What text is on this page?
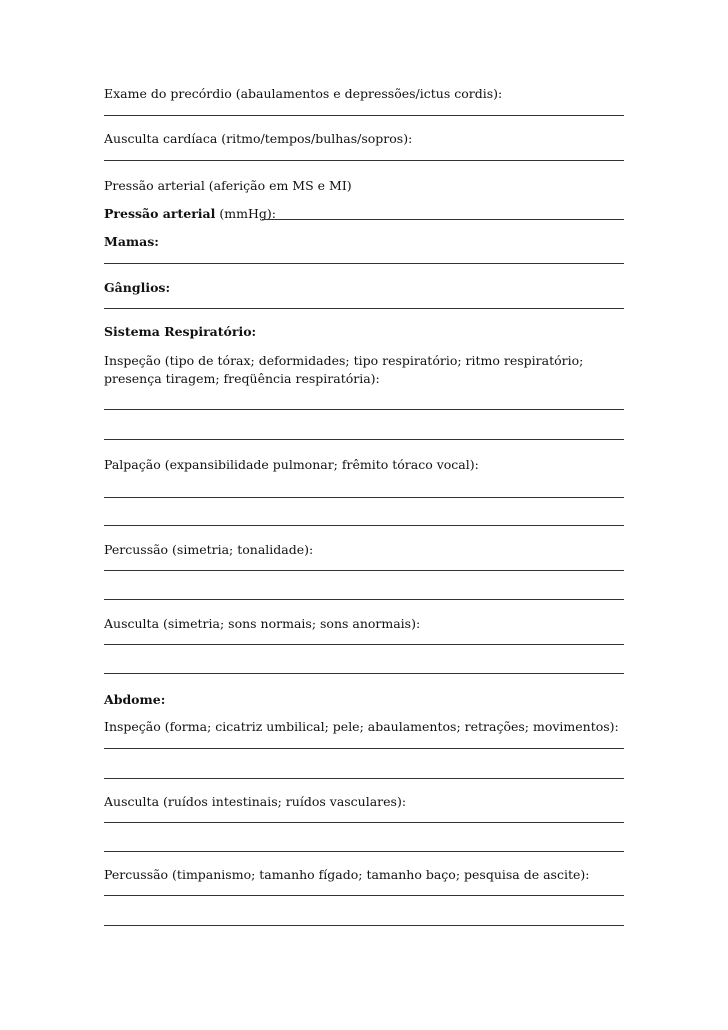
Exame do precórdio (abaulamentos e depressões/ictus cordis):
Ausculta cardíaca (ritmo/tempos/bulhas/sopros):
Pressão arterial (aferição em MS e MI)
Pressão arterial (mmHg):
Mamas:
Gânglios:
Sistema Respiratório:
Inspeção (tipo de tórax; deformidades; tipo respiratório; ritmo respiratório; presença tiragem; freqüência respiratória):
Palpação (expansibilidade pulmonar; frêmito tóraco vocal):
Percussão (simetria; tonalidade):
Ausculta (simetria; sons normais; sons anormais):
Abdome:
Inspeção (forma; cicatriz umbilical; pele; abaulamentos; retrações; movimentos):
Ausculta (ruídos intestinais; ruídos vasculares):
Percussão (timpanismo; tamanho fígado; tamanho baço; pesquisa de ascite):
